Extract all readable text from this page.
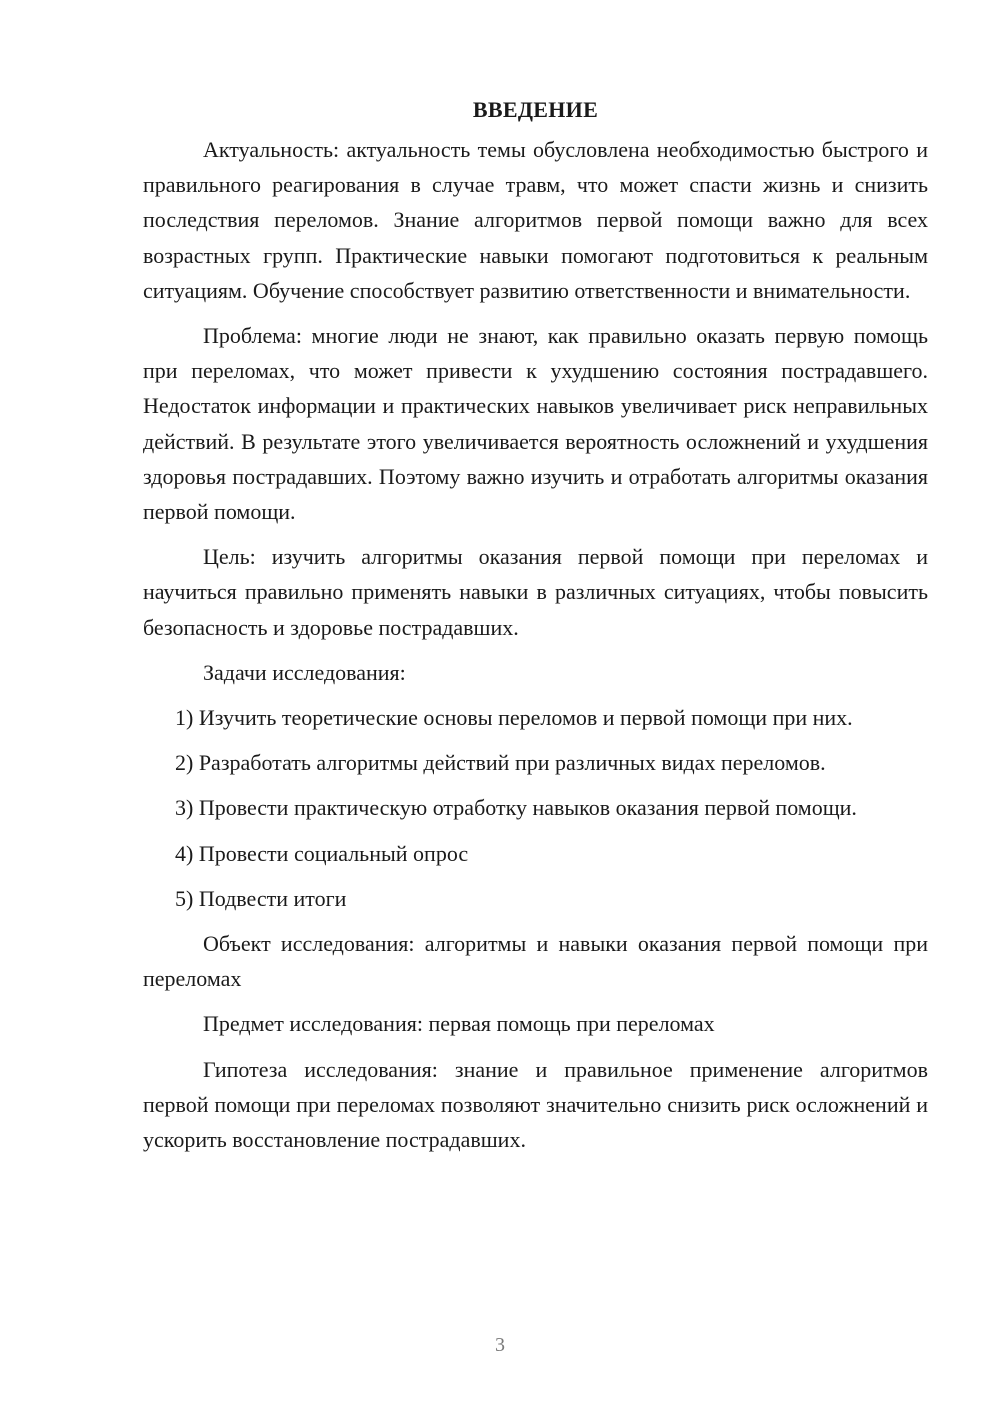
ВВЕДЕНИЕ

Актуальность: актуальность темы обусловлена необходимостью быстрого и правильного реагирования в случае травм, что может спасти жизнь и снизить последствия переломов. Знание алгоритмов первой помощи важно для всех возрастных групп. Практические навыки помогают подготовиться к реальным ситуациям. Обучение способствует развитию ответственности и внимательности.

Проблема: многие люди не знают, как правильно оказать первую помощь при переломах, что может привести к ухудшению состояния пострадавшего. Недостаток информации и практических навыков увеличивает риск неправильных действий. В результате этого увеличивается вероятность осложнений и ухудшения здоровья пострадавших. Поэтому важно изучить и отработать алгоритмы оказания первой помощи.

Цель: изучить алгоритмы оказания первой помощи при переломах и научиться правильно применять навыки в различных ситуациях, чтобы повысить безопасность и здоровье пострадавших.

Задачи исследования:

1) Изучить теоретические основы переломов и первой помощи при них.

2) Разработать алгоритмы действий при различных видах переломов.

3) Провести практическую отработку навыков оказания первой помощи.

4) Провести социальный опрос

5) Подвести итоги

Объект исследования: алгоритмы и навыки оказания первой помощи при переломах

Предмет исследования: первая помощь при переломах

Гипотеза исследования: знание и правильное применение алгоритмов первой помощи при переломах позволяют значительно снизить риск осложнений и ускорить восстановление пострадавших.

3
